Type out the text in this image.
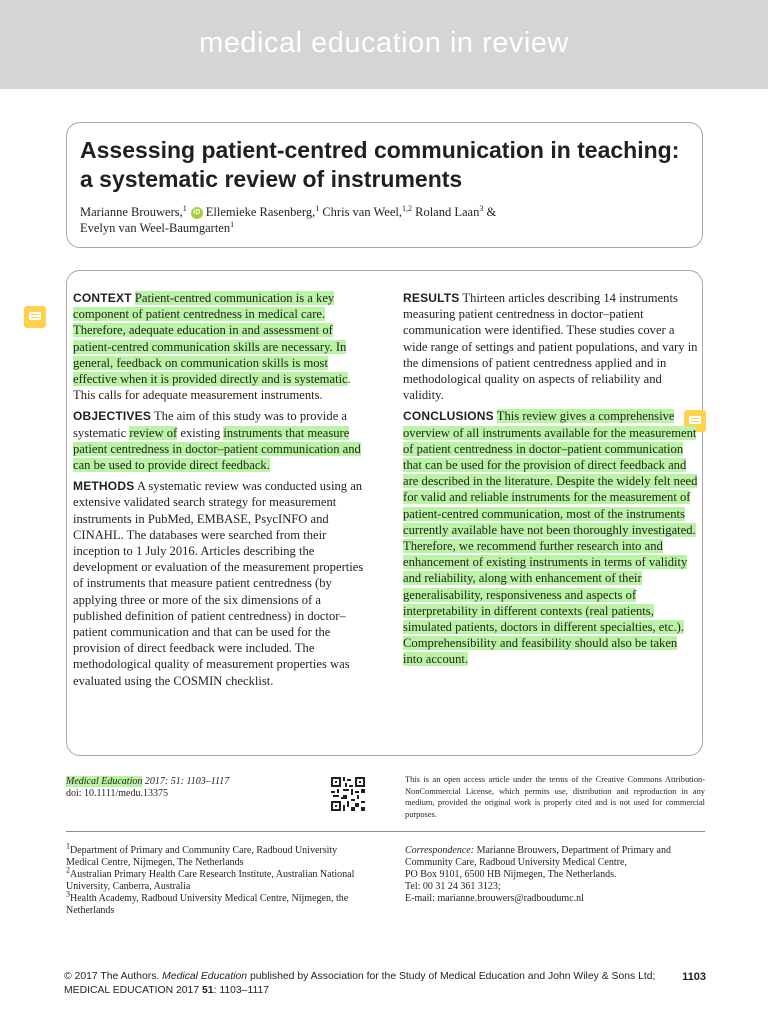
medical education in review
Assessing patient-centred communication in teaching:
a systematic review of instruments
Marianne Brouwers,$^1$ iD Ellemieke Rasenberg,$^1$ Chris van Weel,$^{1,2}$ Roland Laan$^3$ &
Evelyn van Weel-Baumgarten$^1$

CONTEXT Patient-centred communication is a key component of patient centredness in medical care. Therefore, adequate education in and assessment of patient-centred communication skills are necessary. In general, feedback on communication skills is most effective when it is provided directly and is systematic. This calls for adequate measurement instruments.

OBJECTIVES The aim of this study was to provide a systematic review of existing instruments that measure patient centredness in doctor–patient communication and can be used to provide direct feedback.

METHODS A systematic review was conducted using an extensive validated search strategy for measurement instruments in PubMed, EMBASE, PsycINFO and CINAHL. The databases were searched from their inception to 1 July 2016. Articles describing the development or evaluation of the measurement properties of instruments that measure patient centredness (by applying three or more of the six dimensions of a published definition of patient centredness) in doctor–patient communication and that can be used for the provision of direct feedback were included. The methodological quality of measurement properties was evaluated using the COSMIN checklist.

RESULTS Thirteen articles describing 14 instruments measuring patient centredness in doctor–patient communication were identified. These studies cover a wide range of settings and patient populations, and vary in the dimensions of patient centredness applied and in methodological quality on aspects of reliability and validity.

CONCLUSIONS This review gives a comprehensive overview of all instruments available for the measurement of patient centredness in doctor–patient communication that can be used for the provision of direct feedback and are described in the literature. Despite the widely felt need for valid and reliable instruments for the measurement of patient-centred communication, most of the instruments currently available have not been thoroughly investigated. Therefore, we recommend further research into and enhancement of existing instruments in terms of validity and reliability, along with enhancement of their generalisability, responsiveness and aspects of interpretability in different contexts (real patients, simulated patients, doctors in different specialties, etc.). Comprehensibility and feasibility should also be taken into account.

Medical Education 2017: 51: 1103–1117
doi: 10.1111/medu.13375
This is an open access article under the terms of the Creative Commons Attribution-NonCommercial License, which permits use, distribution and reproduction in any medium, provided the original work is properly cited and is not used for commercial purposes.

$^1$Department of Primary and Community Care, Radboud University Medical Centre, Nijmegen, The Netherlands

$^2$Australian Primary Health Care Research Institute, Australian National University, Canberra, Australia

$^3$Health Academy, Radboud University Medical Centre, Nijmegen, the Netherlands

Correspondence: Marianne Brouwers, Department of Primary and Community Care, Radboud University Medical Centre,

PO Box 9101, 6500 HB Nijmegen, The Netherlands.

Tel: 00 31 24 361 3123;

E-mail: marianne.brouwers@radboudumc.nl

© 2017 The Authors. Medical Education published by Association for the Study of Medical Education and John Wiley & Sons Ltd; 1103
MEDICAL EDUCATION 2017 51: 1103–1117
